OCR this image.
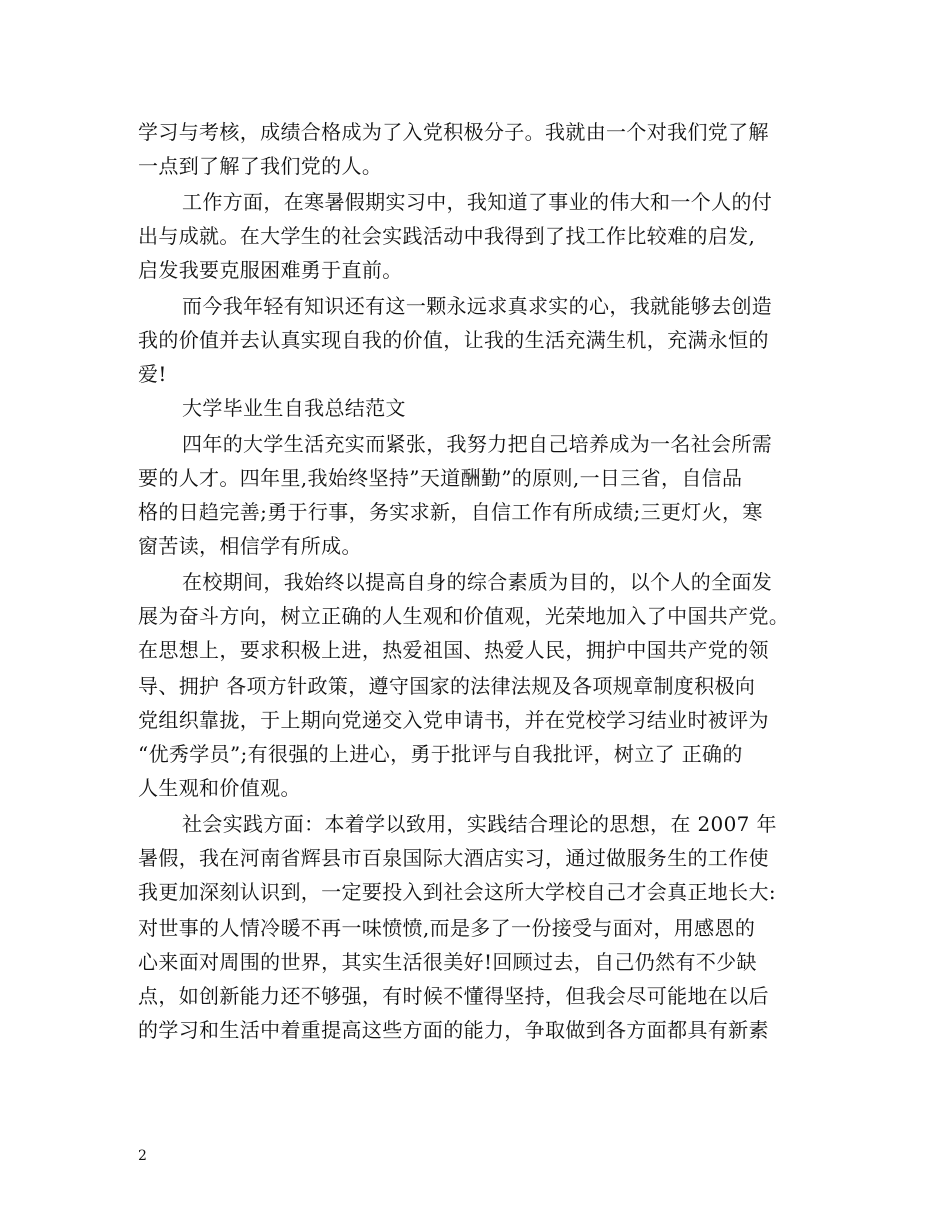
学习与考核，成绩合格成为了入党积极分子。我就由一个对我们党了解
一点到了解了我们党的人。
工作方面，在寒暑假期实习中，我知道了事业的伟大和一个人的付
出与成就。在大学生的社会实践活动中我得到了找工作比较难的启发,
启发我要克服困难勇于直前。
而今我年轻有知识还有这一颗永远求真求实的心，我就能够去创造
我的价值并去认真实现自我的价值，让我的生活充满生机，充满永恒的
爱!
大学毕业生自我总结范文
四年的大学生活充实而紧张，我努力把自己培养成为一名社会所需
要的人才。四年里,我始终坚持”天道酬勤”的原则,一日三省，自信品
格的日趋完善;勇于行事，务实求新，自信工作有所成绩;三更灯火，寒
窗苦读，相信学有所成。
在校期间，我始终以提高自身的综合素质为目的，以个人的全面发
展为奋斗方向，树立正确的人生观和价值观，光荣地加入了中国共产党。
在思想上，要求积极上进，热爱祖国、热爱人民，拥护中国共产党的领
导、拥护 各项方针政策，遵守国家的法律法规及各项规章制度积极向
党组织靠拢，于上期向党递交入党申请书，并在党校学习结业时被评为
“优秀学员”;有很强的上进心，勇于批评与自我批评，树立了 正确的
人生观和价值观。
社会实践方面：本着学以致用，实践结合理论的思想，在 2007 年
暑假，我在河南省辉县市百泉国际大酒店实习，通过做服务生的工作使
我更加深刻认识到，一定要投入到社会这所大学校自己才会真正地长大:
对世事的人情冷暖不再一味愤愤,而是多了一份接受与面对，用感恩的
心来面对周围的世界，其实生活很美好!回顾过去，自己仍然有不少缺
点，如创新能力还不够强，有时候不懂得坚持，但我会尽可能地在以后
的学习和生活中着重提高这些方面的能力，争取做到各方面都具有新素
2
